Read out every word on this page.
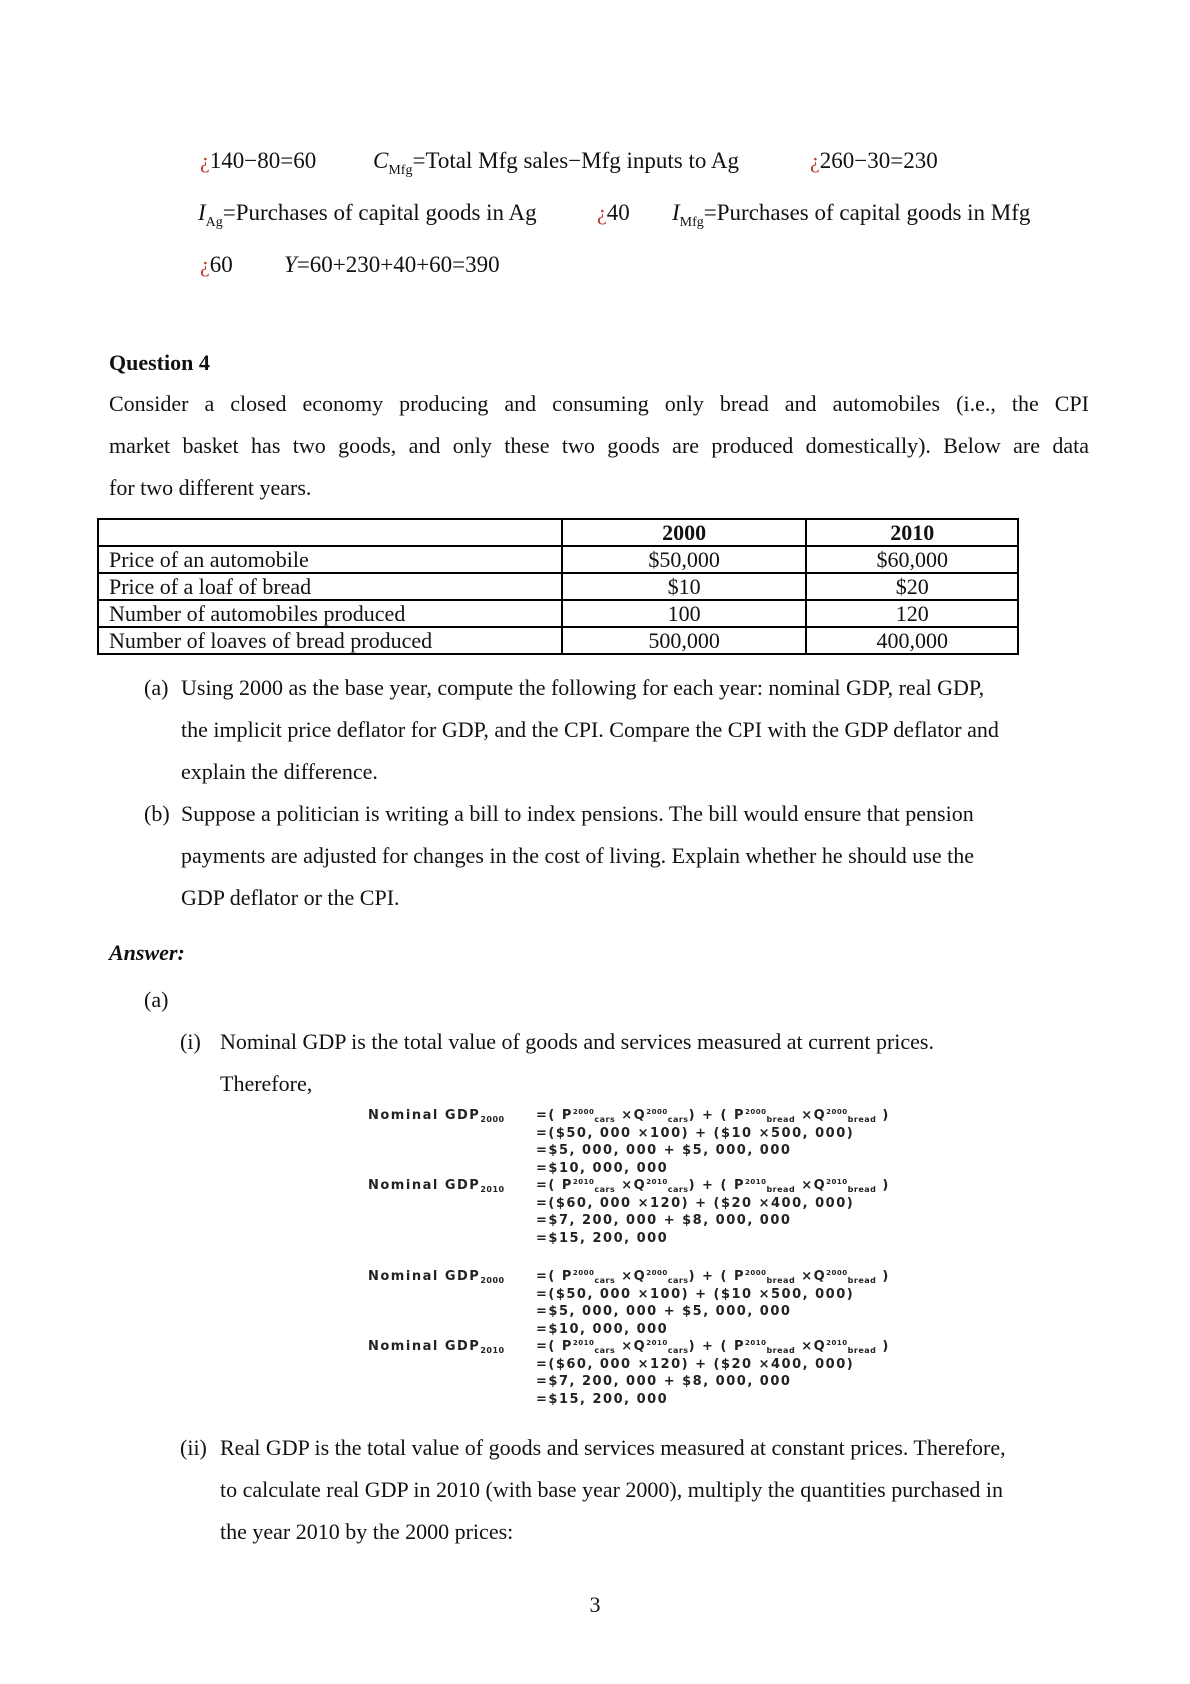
¿140−80=60 $C_{Mfg}=Total$ Mfg sales−Mfg inputs to Ag	¿260−30=230
$I_{Ag}=Purchases$ of capital goods in Ag	¿40 $I_{Mfg}=Purchases$ of capital goods in Mfg
¿60 Y=60+230+40+60=390
Question 4
Consider a closed economy producing and consuming only bread and automobiles (i.e., the CPI
market basket has two goods, and only these two goods are produced domestically). Below are data
for two different years.
	2000	2010
Price of an automobile	$50,000	$60,000
Price of a loaf of bread	$10	$20
Number of automobiles produced	100	120
Number of loaves of bread produced	500,000	400,000
(a) Using 2000 as the base year, compute the following for each year: nominal GDP, real GDP,
the implicit price deflator for GDP, and the CPI. Compare the CPI with the GDP deflator and
explain the difference.
(b) Suppose a politician is writing a bill to index pensions. The bill would ensure that pension
payments are adjusted for changes in the cost of living. Explain whether he should use the
GDP deflator or the CPI.
Answer:
(a)
(i) Nominal GDP is the total value of goods and services measured at current prices.
Therefore,
Nominal $GDP_{2000}$ =( $P^{2000}_{cars} \times Q^{2000}_{cars}$) + ( $P^{2000}_{bread} \times Q^{2000}_{bread}$ )
=($50, 000 ×100) + ($10 ×500, 000)
=$5, 000, 000 + $5, 000, 000
=$10, 000, 000
Nominal $GDP_{2010}$ =( $P^{2010}_{cars} \times Q^{2010}_{cars}$) + ( $P^{2010}_{bread} \times Q^{2010}_{bread}$ )
=($60, 000 ×120) + ($20 ×400, 000)
=$7, 200, 000 + $8, 000, 000
=$15, 200, 000
Nominal $GDP_{2000}$ =( $P^{2000}_{cars} \times Q^{2000}_{cars}$) + ( $P^{2000}_{bread} \times Q^{2000}_{bread}$ )
=($50, 000 ×100) + ($10 ×500, 000)
=$5, 000, 000 + $5, 000, 000
=$10, 000, 000
Nominal $GDP_{2010}$ =( $P^{2010}_{cars} \times Q^{2010}_{cars}$) + ( $P^{2010}_{bread} \times Q^{2010}_{bread}$ )
=($60, 000 ×120) + ($20 ×400, 000)
=$7, 200, 000 + $8, 000, 000
=$15, 200, 000
(ii) Real GDP is the total value of goods and services measured at constant prices. Therefore,
to calculate real GDP in 2010 (with base year 2000), multiply the quantities purchased in
the year 2010 by the 2000 prices:
3
